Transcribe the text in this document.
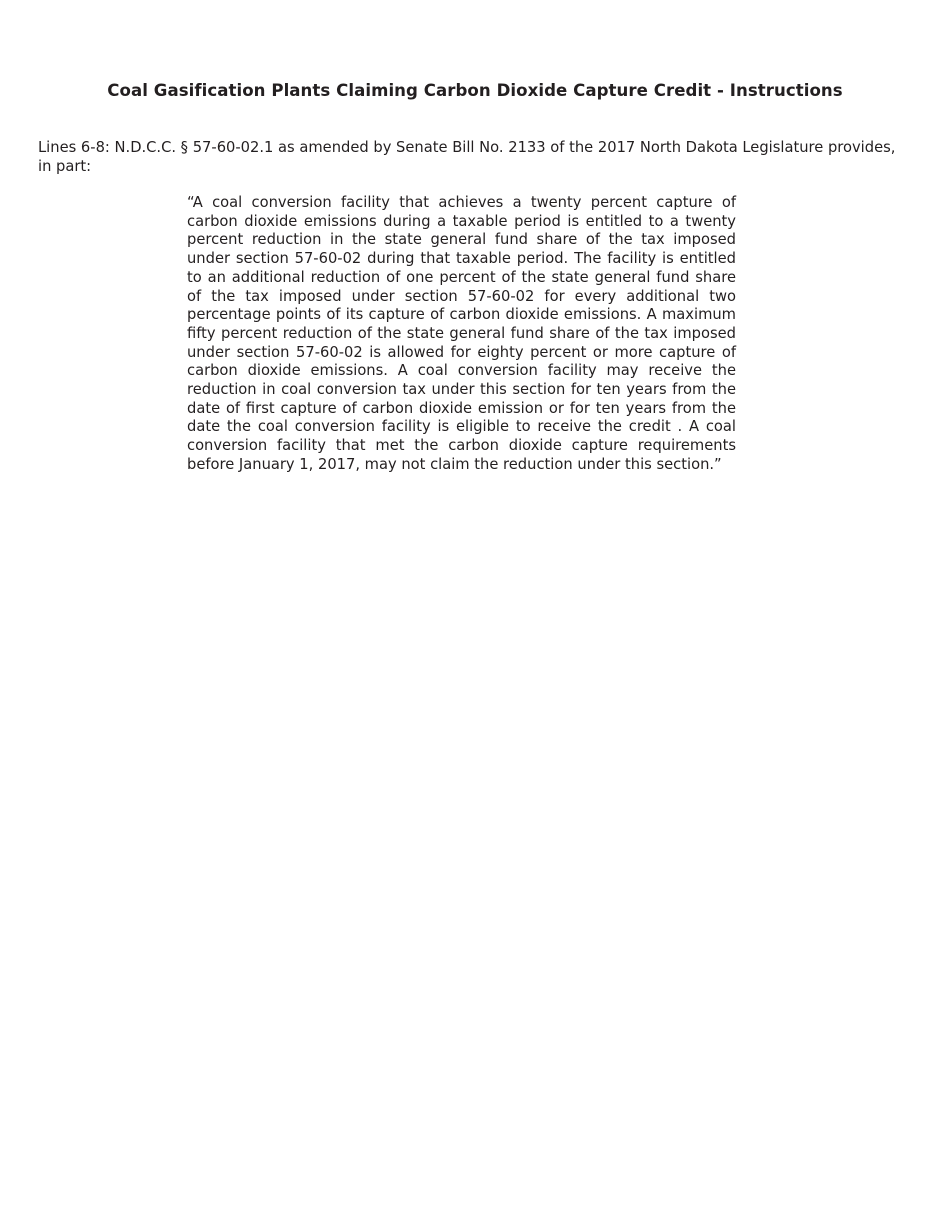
Coal Gasification Plants Claiming Carbon Dioxide Capture Credit - Instructions

Lines 6-8: N.D.C.C. § 57-60-02.1 as amended by Senate Bill No. 2133 of the 2017 North Dakota Legislature provides, in part:

“A coal conversion facility that achieves a twenty percent capture of carbon dioxide emissions during a taxable period is entitled to a twenty percent reduction in the state general fund share of the tax imposed under section 57-60-02 during that taxable period. The facility is entitled to an additional reduction of one percent of the state general fund share of the tax imposed under section 57-60-02 for every additional two percentage points of its capture of carbon dioxide emissions. A maximum fifty percent reduction of the state general fund share of the tax imposed under section 57-60-02 is allowed for eighty percent or more capture of carbon dioxide emissions. A coal conversion facility may receive the reduction in coal conversion tax under this section for ten years from the date of first capture of carbon dioxide emission or for ten years from the date the coal conversion facility is eligible to receive the credit . A coal conversion facility that met the carbon dioxide capture requirements before January 1, 2017, may not claim the reduction under this section.”
